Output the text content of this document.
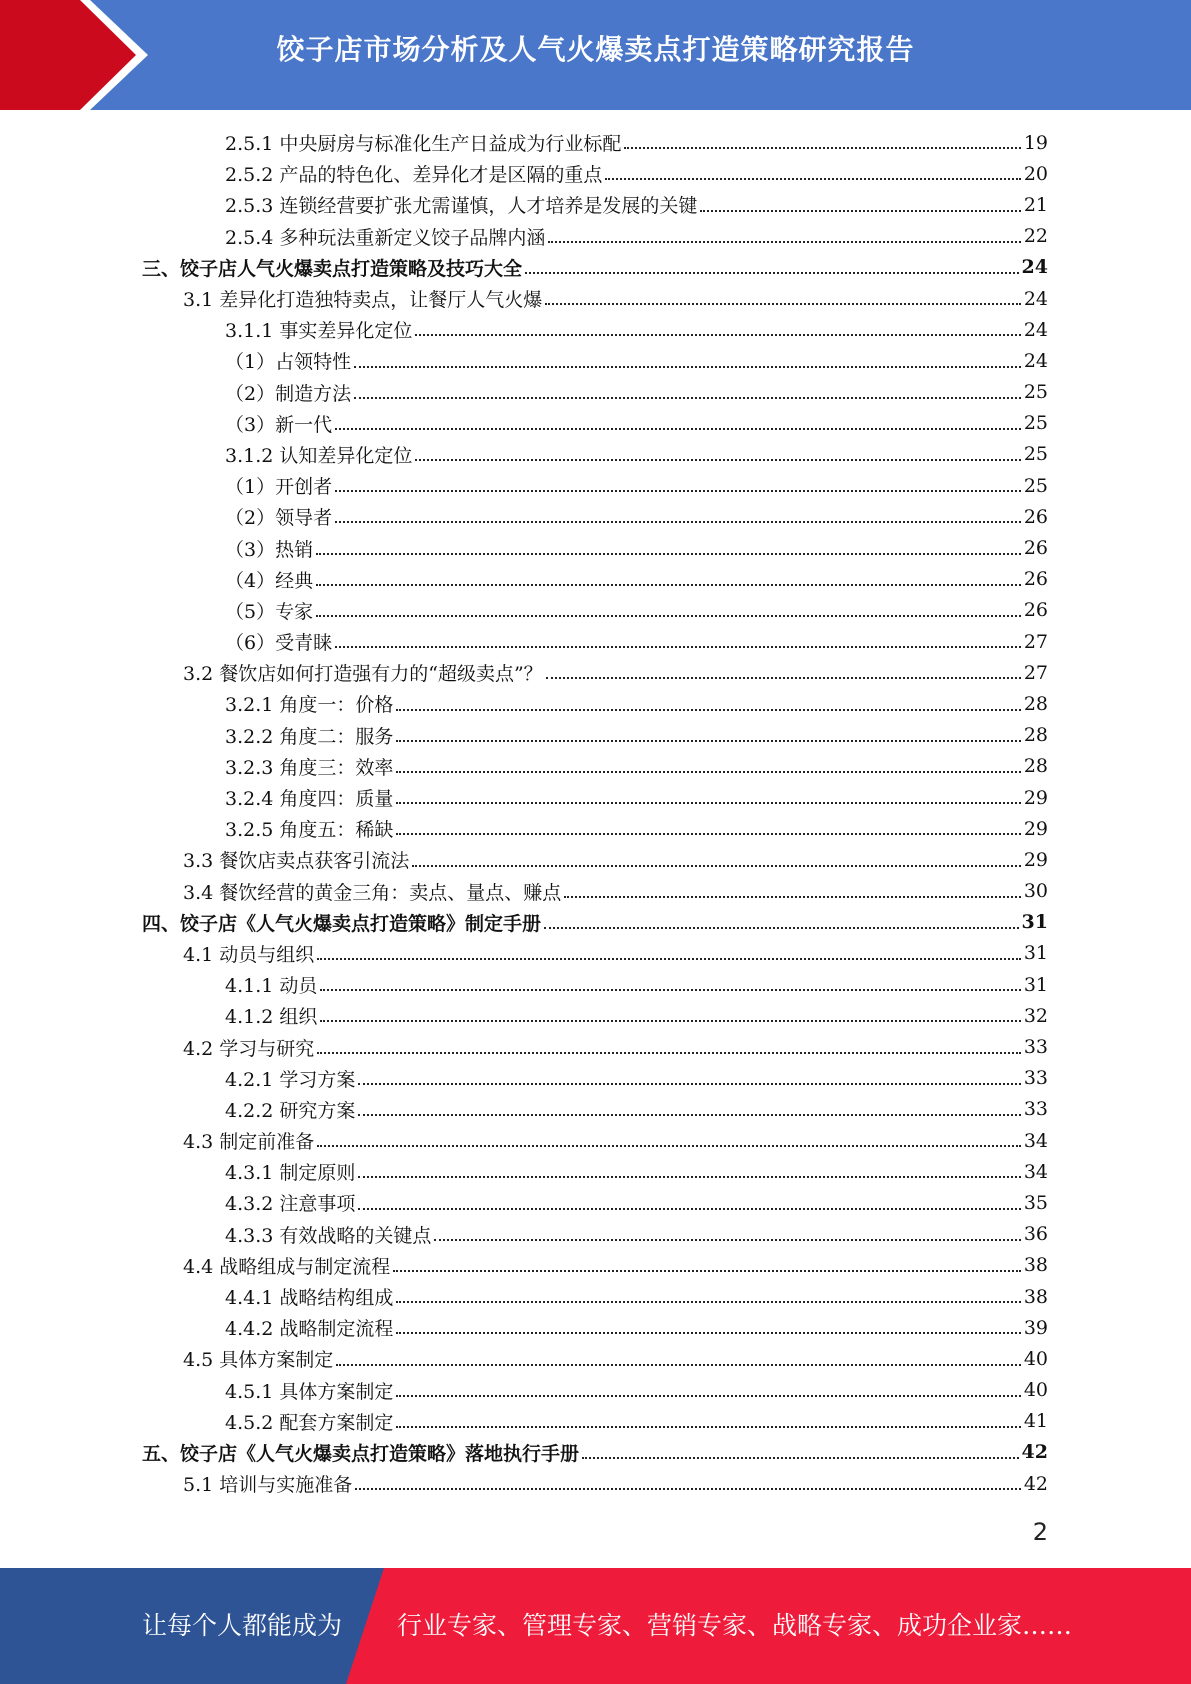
饺子店市场分析及人气火爆卖点打造策略研究报告
2.5.1 中央厨房与标准化生产日益成为行业标配	19
2.5.2 产品的特色化、差异化才是区隔的重点	20
2.5.3 连锁经营要扩张尤需谨慎，人才培养是发展的关键	21
2.5.4 多种玩法重新定义饺子品牌内涵	22
三、饺子店人气火爆卖点打造策略及技巧大全	24
3.1 差异化打造独特卖点，让餐厅人气火爆	24
3.1.1 事实差异化定位	24
（1）占领特性	24
（2）制造方法	25
（3）新一代	25
3.1.2 认知差异化定位	25
（1）开创者	25
（2）领导者	26
（3）热销	26
（4）经典	26
（5）专家	26
（6）受青睐	27
3.2 餐饮店如何打造强有力的“超级卖点”？	27
3.2.1 角度一：价格	28
3.2.2 角度二：服务	28
3.2.3 角度三：效率	28
3.2.4 角度四：质量	29
3.2.5 角度五：稀缺	29
3.3 餐饮店卖点获客引流法	29
3.4 餐饮经营的黄金三角：卖点、量点、赚点	30
四、饺子店《人气火爆卖点打造策略》制定手册	31
4.1 动员与组织	31
4.1.1 动员	31
4.1.2 组织	32
4.2 学习与研究	33
4.2.1 学习方案	33
4.2.2 研究方案	33
4.3 制定前准备	34
4.3.1 制定原则	34
4.3.2 注意事项	35
4.3.3 有效战略的关键点	36
4.4 战略组成与制定流程	38
4.4.1 战略结构组成	38
4.4.2 战略制定流程	39
4.5 具体方案制定	40
4.5.1 具体方案制定	40
4.5.2 配套方案制定	41
五、饺子店《人气火爆卖点打造策略》落地执行手册	42
5.1 培训与实施准备	42
2
让每个人都能成为 行业专家、管理专家、营销专家、战略专家、成功企业家……
